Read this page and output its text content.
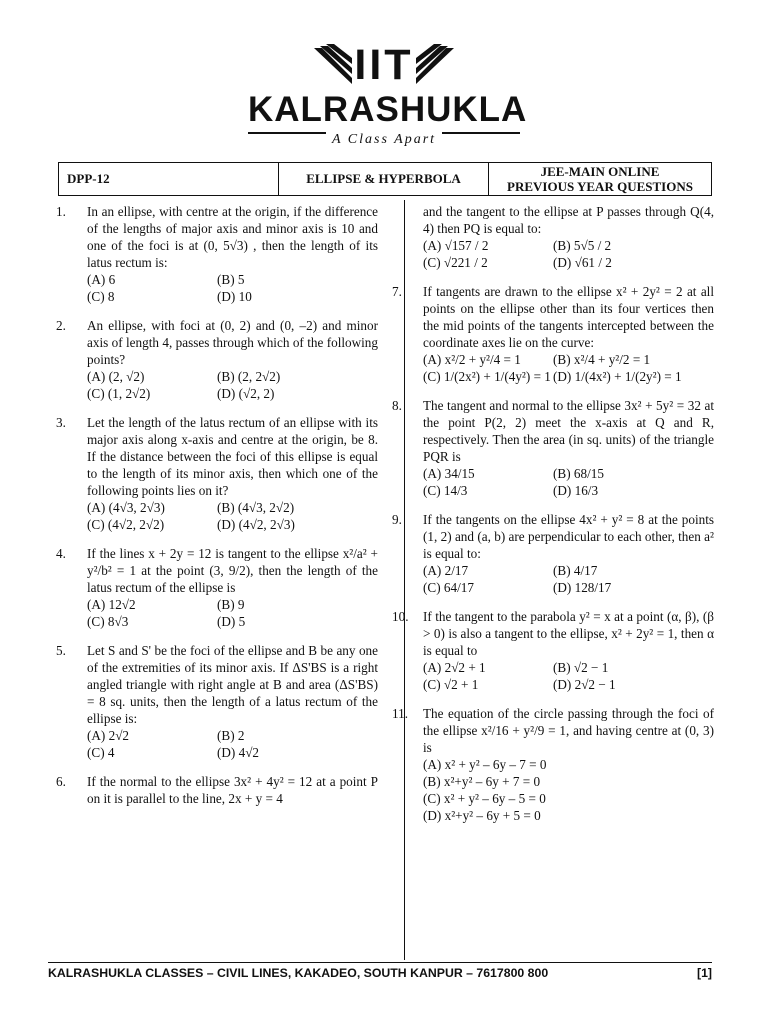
IIT
KALRASHUKLA
A Class Apart
DPP-12	ELLIPSE & HYPERBOLA	JEE-MAIN ONLINE
PREVIOUS YEAR QUESTIONS
1. In an ellipse, with centre at the origin, if the difference of the lengths of major axis and minor axis is 10 and one of the foci is at (0, 5√3) , then the length of its latus rectum is:
(A) 6	(B) 5
(C) 8	(D) 10
2. An ellipse, with foci at (0, 2) and (0, –2) and minor axis of length 4, passes through which of the following points?
(A) (2, √2)	(B) (2, 2√2)
(C) (1, 2√2)	(D) (√2, 2)
3. Let the length of the latus rectum of an ellipse with its major axis along x-axis and centre at the origin, be 8. If the distance between the foci of this ellipse is equal to the length of its minor axis, then which one of the following points lies on it?
(A) (4√3, 2√3)	(B) (4√3, 2√2)
(C) (4√2, 2√2)	(D) (4√2, 2√3)
4. If the lines x + 2y = 12 is tangent to the ellipse x²/a² + y²/b² = 1 at the point (3, 9/2), then the length of the latus rectum of the ellipse is
(A) 12√2	(B) 9
(C) 8√3	(D) 5
5. Let S and S' be the foci of the ellipse and B be any one of the extremities of its minor axis. If ΔS'BS is a right angled triangle with right angle at B and area (ΔS'BS) = 8 sq. units, then the length of a latus rectum of the ellipse is:
(A) 2√2	(B) 2
(C) 4	(D) 4√2
6. If the normal to the ellipse 3x² + 4y² = 12 at a point P on it is parallel to the line, 2x + y = 4
and the tangent to the ellipse at P passes through Q(4, 4) then PQ is equal to:
(A) √157 / 2	(B) 5√5 / 2
(C) √221 / 2	(D) √61 / 2
7. If tangents are drawn to the ellipse x² + 2y² = 2 at all points on the ellipse other than its four vertices then the mid points of the tangents intercepted between the coordinate axes lie on the curve:
(A) x²/2 + y²/4 = 1	(B) x²/4 + y²/2 = 1
(C) 1/(2x²) + 1/(4y²) = 1 (D) 1/(4x²) + 1/(2y²) = 1
8. The tangent and normal to the ellipse 3x² + 5y² = 32 at the point P(2, 2) meet the x-axis at Q and R, respectively. Then the area (in sq. units) of the triangle PQR is
(A) 34/15	(B) 68/15
(C) 14/3	(D) 16/3
9. If the tangents on the ellipse 4x² + y² = 8 at the points (1, 2) and (a, b) are perpendicular to each other, then a² is equal to:
(A) 2/17	(B) 4/17
(C) 64/17	(D) 128/17
10. If the tangent to the parabola y² = x at a point (α, β), (β > 0) is also a tangent to the ellipse, x² + 2y² = 1, then α is equal to
(A) 2√2 + 1	(B) √2 − 1
(C) √2 + 1	(D) 2√2 − 1
11. The equation of the circle passing through the foci of the ellipse x²/16 + y²/9 = 1, and having centre at (0, 3) is
(A) x² + y² – 6y – 7 = 0
(B) x²+y² – 6y + 7 = 0
(C) x² + y² – 6y – 5 = 0
(D) x²+y² – 6y + 5 = 0
KALRASHUKLA CLASSES – CIVIL LINES, KAKADEO, SOUTH KANPUR – 7617800 800	[1]
